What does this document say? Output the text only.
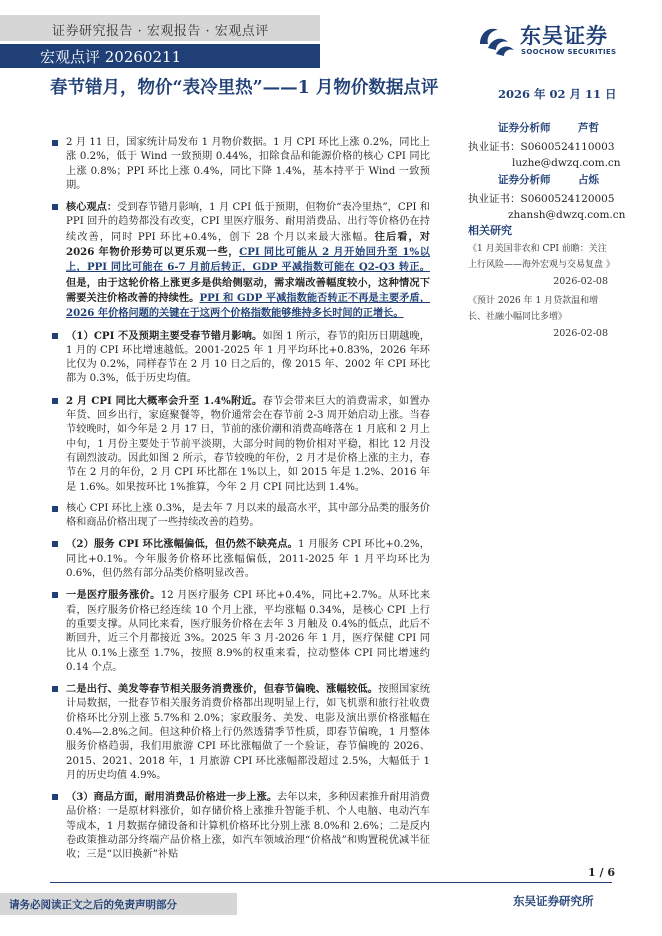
证券研究报告 · 宏观报告 · 宏观点评
宏观点评 20260211
东吴证券
SOOCHOW SECURITIES
春节错月，物价“表冷里热”——1 月物价数据点评	2026 年 02 月 11 日
证券分析师	芦哲
执业证书：S0600524110003
luzhe@dwzq.com.cn
证券分析师	占烁
执业证书：S0600524120005
zhansh@dwzq.com.cn
相关研究
《1 月美国非农和 CPI 前瞻：关注上行风险——海外宏观与交易复盘 》
2026-02-08
《预计 2026 年 1 月贷款温和增长、社融小幅同比多增》
2026-02-08
2 月 11 日，国家统计局发布 1 月物价数据。1 月 CPI 环比上涨 0.2%，同比上涨 0.2%，低于 Wind 一致预期 0.44%，扣除食品和能源价格的核心 CPI 同比上涨 0.8%；PPI 环比上涨 0.4%，同比下降 1.4%，基本持平于 Wind 一致预期。
核心观点：受到春节错月影响，1 月 CPI 低于预期，但物价“表冷里热”，CPI 和 PPI 回升的趋势都没有改变，CPI 里医疗服务、耐用消费品、出行等价格仍在持续改善，同时 PPI 环比+0.4%，创下 28 个月以来最大涨幅。往后看，对 2026 年物价形势可以更乐观一些，CPI 同比可能从 2 月开始回升至 1%以上，PPI 同比可能在 6-7 月前后转正，GDP 平减指数可能在 Q2-Q3 转正。但是，由于这轮价格上涨更多是供给侧驱动，需求端改善幅度较小，这种情况下需要关注价格改善的持续性。PPI 和 GDP 平减指数能否转正不再是主要矛盾，2026 年价格问题的关键在于这两个价格指数能够维持多长时间的正增长。
（1）CPI 不及预期主要受春节错月影响。如图 1 所示，春节的阳历日期越晚，1 月的 CPI 环比增速越低。2001-2025 年 1 月平均环比+0.83%，2026 年环比仅为 0.2%，同样春节在 2 月 10 日之后的，像 2015 年、2002 年 CPI 环比都为 0.3%，低于历史均值。
2 月 CPI 同比大概率会升至 1.4%附近。春节会带来巨大的消费需求，如置办年货、回乡出行，家庭聚餐等，物价通常会在春节前 2-3 周开始启动上涨。当春节较晚时，如今年是 2 月 17 日，节前的涨价潮和消费高峰落在 1 月底和 2 月上中旬，1 月份主要处于节前平淡期，大部分时间的物价相对平稳，相比 12 月没有剧烈波动。因此如图 2 所示，春节较晚的年份，2 月才是价格上涨的主力，春节在 2 月的年份，2 月 CPI 环比都在 1%以上，如 2015 年是 1.2%、2016 年是 1.6%。如果按环比 1%推算，今年 2 月 CPI 同比达到 1.4%。
核心 CPI 环比上涨 0.3%，是去年 7 月以来的最高水平，其中部分品类的服务价格和商品价格出现了一些持续改善的趋势。
（2）服务 CPI 环比涨幅偏低，但仍然不缺亮点。1 月服务 CPI 环比+0.2%，同比+0.1%。今年服务价格环比涨幅偏低，2011-2025 年 1 月平均环比为 0.6%，但仍然有部分品类价格明显改善。
一是医疗服务涨价。12 月医疗服务 CPI 环比+0.4%，同比+2.7%。从环比来看，医疗服务价格已经连续 10 个月上涨，平均涨幅 0.34%，是核心 CPI 上行的重要支撑。从同比来看，医疗服务价格在去年 3 月触及 0.4%的低点，此后不断回升，近三个月都接近 3%。2025 年 3 月-2026 年 1 月，医疗保健 CPI 同比从 0.1%上涨至 1.7%，按照 8.9%的权重来看，拉动整体 CPI 同比增速约 0.14 个点。
二是出行、美发等春节相关服务消费涨价，但春节偏晚、涨幅较低。按照国家统计局数据，一批春节相关服务消费价格都出现明显上行，如飞机票和旅行社收费价格环比分别上涨 5.7%和 2.0%；家政服务、美发、电影及演出票价格涨幅在 0.4%—2.8%之间。但这种价格上行仍然透猜季节性质，即春节偏晚，1 月整体服务价格趋弱，我们用旅游 CPI 环比涨幅做了一个验证，春节偏晚的 2026、2015、2021、2018 年，1 月旅游 CPI 环比涨幅都没超过 2.5%，大幅低于 1 月的历史均值 4.9%。
（3）商品方面，耐用消费品价格进一步上涨。去年以来，多种因素推升耐用消费品价格：一是原材料涨价，如存储价格上涨推升智能手机、个人电脑、电动汽车等成本，1 月数据存储设备和计算机价格环比分别上涨 8.0%和 2.6%；二是反内卷政策推动部分终端产品价格上涨，如汽车领域治理“价格战”和购置税优减半征收；三是“以旧换新”补贴
1 / 6
请务必阅读正文之后的免责声明部分	东吴证券研究所
